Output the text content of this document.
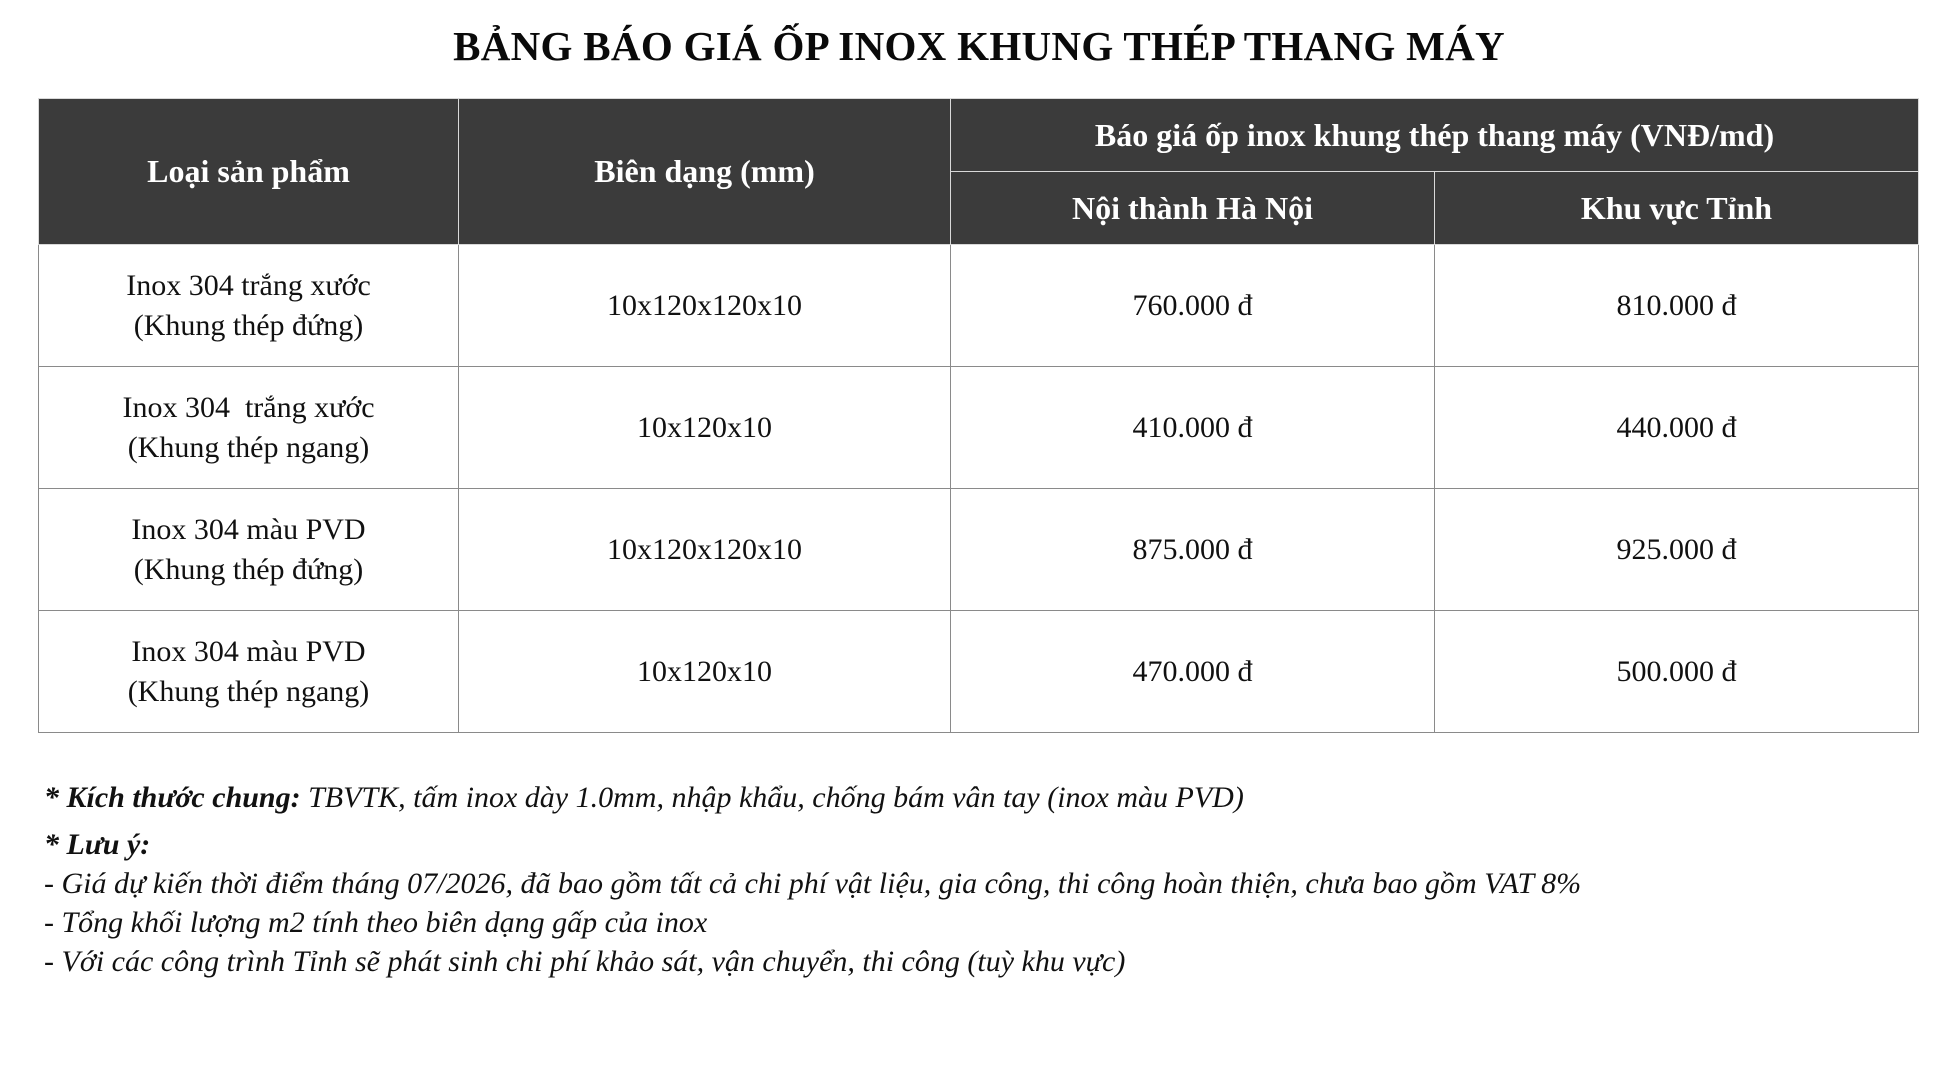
BẢNG BÁO GIÁ ỐP INOX KHUNG THÉP THANG MÁY
Loại sản phẩm	Biên dạng (mm)	Báo giá ốp inox khung thép thang máy (VNĐ/md)	
		Nội thành Hà Nội	Khu vực Tỉnh

Inox 304 trắng xước
(Khung thép đứng)	10x120x120x10	760.000 đ	810.000 đ

Inox 304  trắng xước
(Khung thép ngang)	10x120x10	410.000 đ	440.000 đ

Inox 304 màu PVD
(Khung thép đứng)	10x120x120x10	875.000 đ	925.000 đ

Inox 304 màu PVD
(Khung thép ngang)	10x120x10	470.000 đ	500.000 đ
* Kích thước chung: TBVTK, tấm inox dày 1.0mm, nhập khẩu, chống bám vân tay (inox màu PVD)
* Lưu ý:
- Giá dự kiến thời điểm tháng 07/2026, đã bao gồm tất cả chi phí vật liệu, gia công, thi công hoàn thiện, chưa bao gồm VAT 8%
- Tổng khối lượng m2 tính theo biên dạng gấp của inox
- Với các công trình Tỉnh sẽ phát sinh chi phí khảo sát, vận chuyển, thi công (tuỳ khu vực)
